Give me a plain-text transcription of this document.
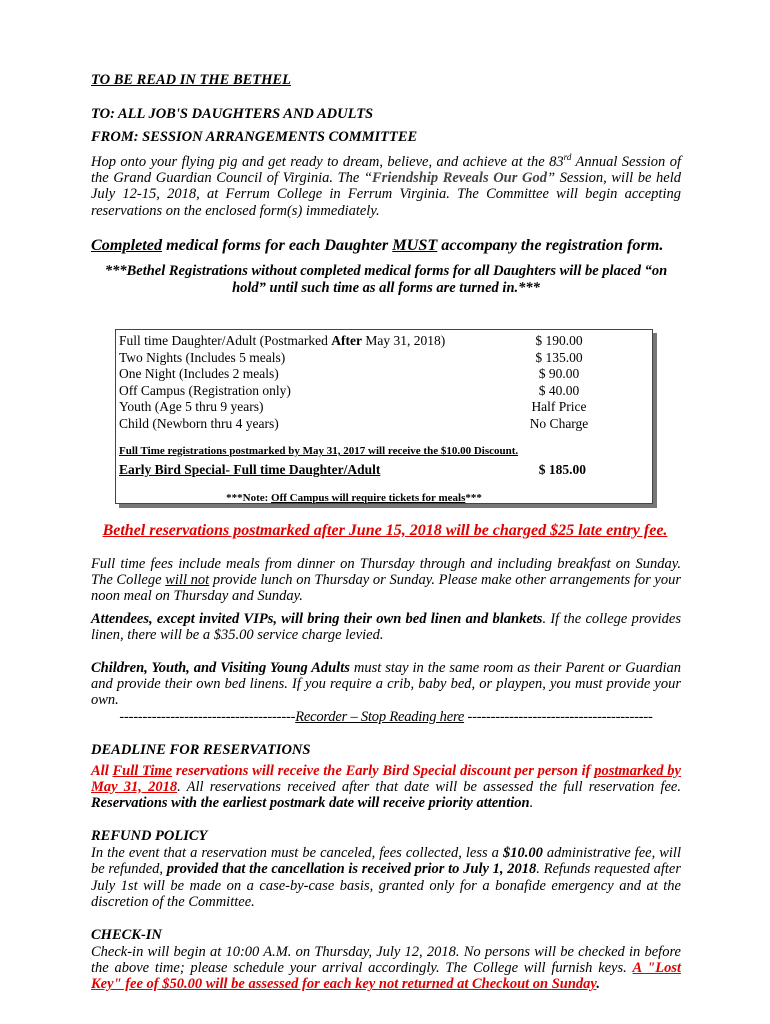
TO BE READ IN THE BETHEL

TO: ALL JOB'S DAUGHTERS AND ADULTS

FROM: SESSION ARRANGEMENTS COMMITTEE

Hop onto your flying pig and get ready to dream, believe, and achieve at the 83rd Annual Session of the Grand Guardian Council of Virginia. The “Friendship Reveals Our God” Session, will be held July 12-15, 2018, at Ferrum College in Ferrum Virginia. The Committee will begin accepting reservations on the enclosed form(s) immediately.

Completed medical forms for each Daughter MUST accompany the registration form.

***Bethel Registrations without completed medical forms for all Daughters will be placed “on hold” until such time as all forms are turned in.***

Full time Daughter/Adult (Postmarked After May 31, 2018)	$ 190.00
Two Nights (Includes 5 meals)	$ 135.00
One Night (Includes 2 meals)	$ 90.00
Off Campus (Registration only)	$ 40.00
Youth (Age 5 thru 9 years)	Half Price
Child (Newborn thru 4 years)	No Charge
Full Time registrations postmarked by May 31, 2017 will receive the $10.00 Discount.
Early Bird Special- Full time Daughter/Adult	$ 185.00
***Note: Off Campus will require tickets for meals***
Bethel reservations postmarked after June 15, 2018 will be charged $25 late entry fee.

Full time fees include meals from dinner on Thursday through and including breakfast on Sunday. The College will not provide lunch on Thursday or Sunday. Please make other arrangements for your noon meal on Thursday and Sunday.

Attendees, except invited VIPs, will bring their own bed linen and blankets. If the college provides linen, there will be a $35.00 service charge levied.

Children, Youth, and Visiting Young Adults must stay in the same room as their Parent or Guardian and provide their own bed linens. If you require a crib, baby bed, or playpen, you must provide your own.

--------------------------------------Recorder – Stop Reading here ----------------------------------------

DEADLINE FOR RESERVATIONS

All Full Time reservations will receive the Early Bird Special discount per person if postmarked by May 31, 2018. All reservations received after that date will be assessed the full reservation fee. Reservations with the earliest postmark date will receive priority attention.

REFUND POLICY

In the event that a reservation must be canceled, fees collected, less a $10.00 administrative fee, will be refunded, provided that the cancellation is received prior to July 1, 2018. Refunds requested after July 1st will be made on a case-by-case basis, granted only for a bonafide emergency and at the discretion of the Committee.

CHECK-IN

Check-in will begin at 10:00 A.M. on Thursday, July 12, 2018. No persons will be checked in before the above time; please schedule your arrival accordingly. The College will furnish keys. A "Lost Key" fee of $50.00 will be assessed for each key not returned at Checkout on Sunday.
